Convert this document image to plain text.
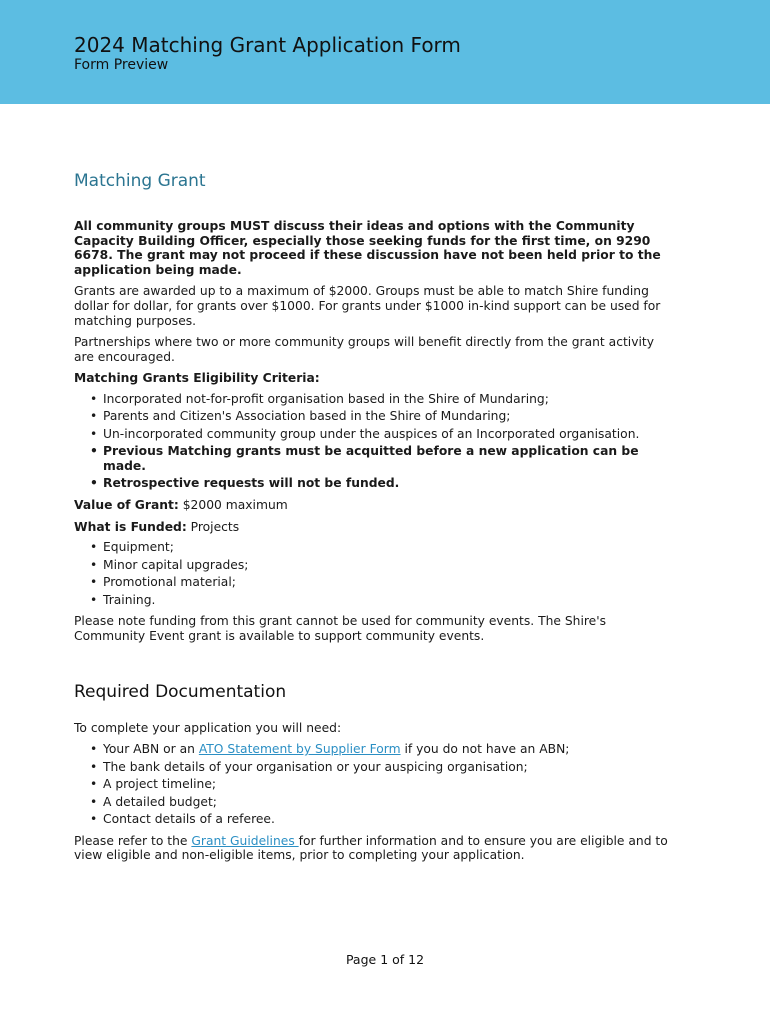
2024 Matching Grant Application Form
Form Preview
Matching Grant

All community groups MUST discuss their ideas and options with the Community Capacity Building Officer, especially those seeking funds for the first time, on 9290 6678. The grant may not proceed if these discussion have not been held prior to the application being made.

Grants are awarded up to a maximum of $2000. Groups must be able to match Shire funding dollar for dollar, for grants over $1000. For grants under $1000 in-kind support can be used for matching purposes.

Partnerships where two or more community groups will benefit directly from the grant activity are encouraged.

Matching Grants Eligibility Criteria:

• Incorporated not-for-profit organisation based in the Shire of Mundaring;
• Parents and Citizen's Association based in the Shire of Mundaring;
• Un-incorporated community group under the auspices of an Incorporated organisation.
• Previous Matching grants must be acquitted before a new application can be made.
• Retrospective requests will not be funded.

Value of Grant: $2000 maximum

What is Funded: Projects

• Equipment;
• Minor capital upgrades;
• Promotional material;
• Training.

Please note funding from this grant cannot be used for community events. The Shire's Community Event grant is available to support community events.

Required Documentation

To complete your application you will need:

• Your ABN or an ATO Statement by Supplier Form if you do not have an ABN;
• The bank details of your organisation or your auspicing organisation;
• A project timeline;
• A detailed budget;
• Contact details of a referee.

Please refer to the Grant Guidelines for further information and to ensure you are eligible and to view eligible and non-eligible items, prior to completing your application.

Page 1 of 12
